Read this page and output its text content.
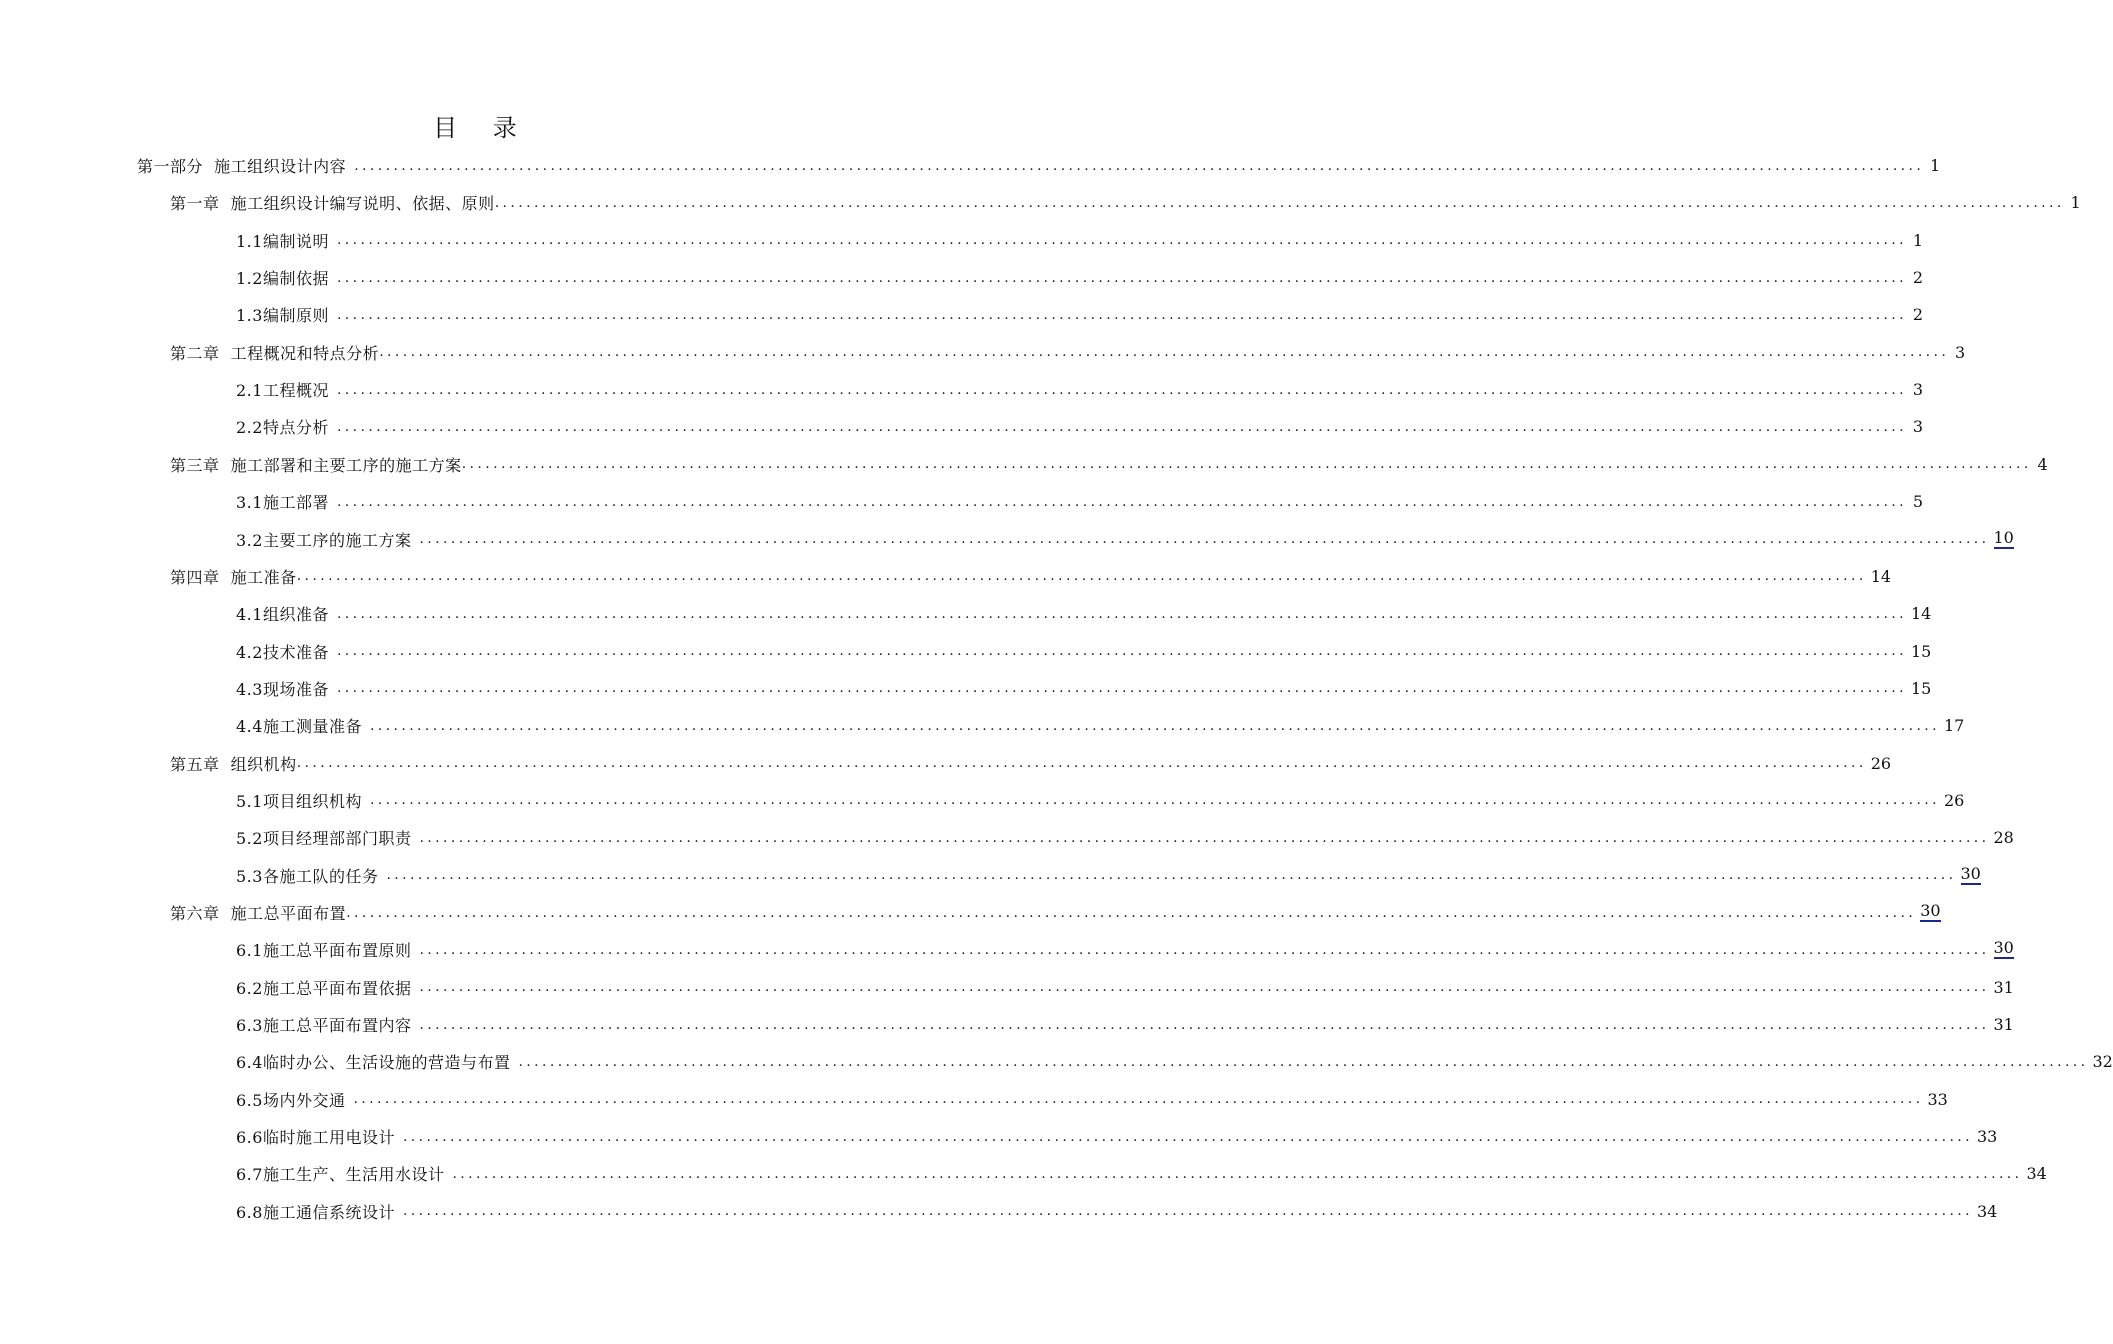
目 录
第一部分  施工组织设计内容 ........................................................................................................................................................................................................ 1
第一章  施工组织设计编写说明、依据、原则 ........................................................................................................................................................................................................ 1
1.1编制说明 ........................................................................................................................................................................................................ 1
1.2编制依据 ........................................................................................................................................................................................................ 2
1.3编制原则 ........................................................................................................................................................................................................ 2
第二章  工程概况和特点分析 ........................................................................................................................................................................................................ 3
2.1工程概况 ........................................................................................................................................................................................................ 3
2.2特点分析 ........................................................................................................................................................................................................ 3
第三章  施工部署和主要工序的施工方案 ........................................................................................................................................................................................................ 4
3.1施工部署 ........................................................................................................................................................................................................ 5
3.2主要工序的施工方案 ........................................................................................................................................................................................................ 10
第四章  施工准备 ........................................................................................................................................................................................................ 14
4.1组织准备 ........................................................................................................................................................................................................ 14
4.2技术准备 ........................................................................................................................................................................................................ 15
4.3现场准备 ........................................................................................................................................................................................................ 15
4.4施工测量准备 ........................................................................................................................................................................................................ 17
第五章  组织机构 ........................................................................................................................................................................................................ 26
5.1项目组织机构 ........................................................................................................................................................................................................ 26
5.2项目经理部部门职责 ........................................................................................................................................................................................................ 28
5.3各施工队的任务 ........................................................................................................................................................................................................ 30
第六章  施工总平面布置 ........................................................................................................................................................................................................ 30
6.1施工总平面布置原则 ........................................................................................................................................................................................................ 30
6.2施工总平面布置依据 ........................................................................................................................................................................................................ 31
6.3施工总平面布置内容 ........................................................................................................................................................................................................ 31
6.4临时办公、生活设施的营造与布置 ........................................................................................................................................................................................................ 32
6.5场内外交通 ........................................................................................................................................................................................................ 33
6.6临时施工用电设计 ........................................................................................................................................................................................................ 33
6.7施工生产、生活用水设计 ........................................................................................................................................................................................................ 34
6.8施工通信系统设计 ........................................................................................................................................................................................................ 34
